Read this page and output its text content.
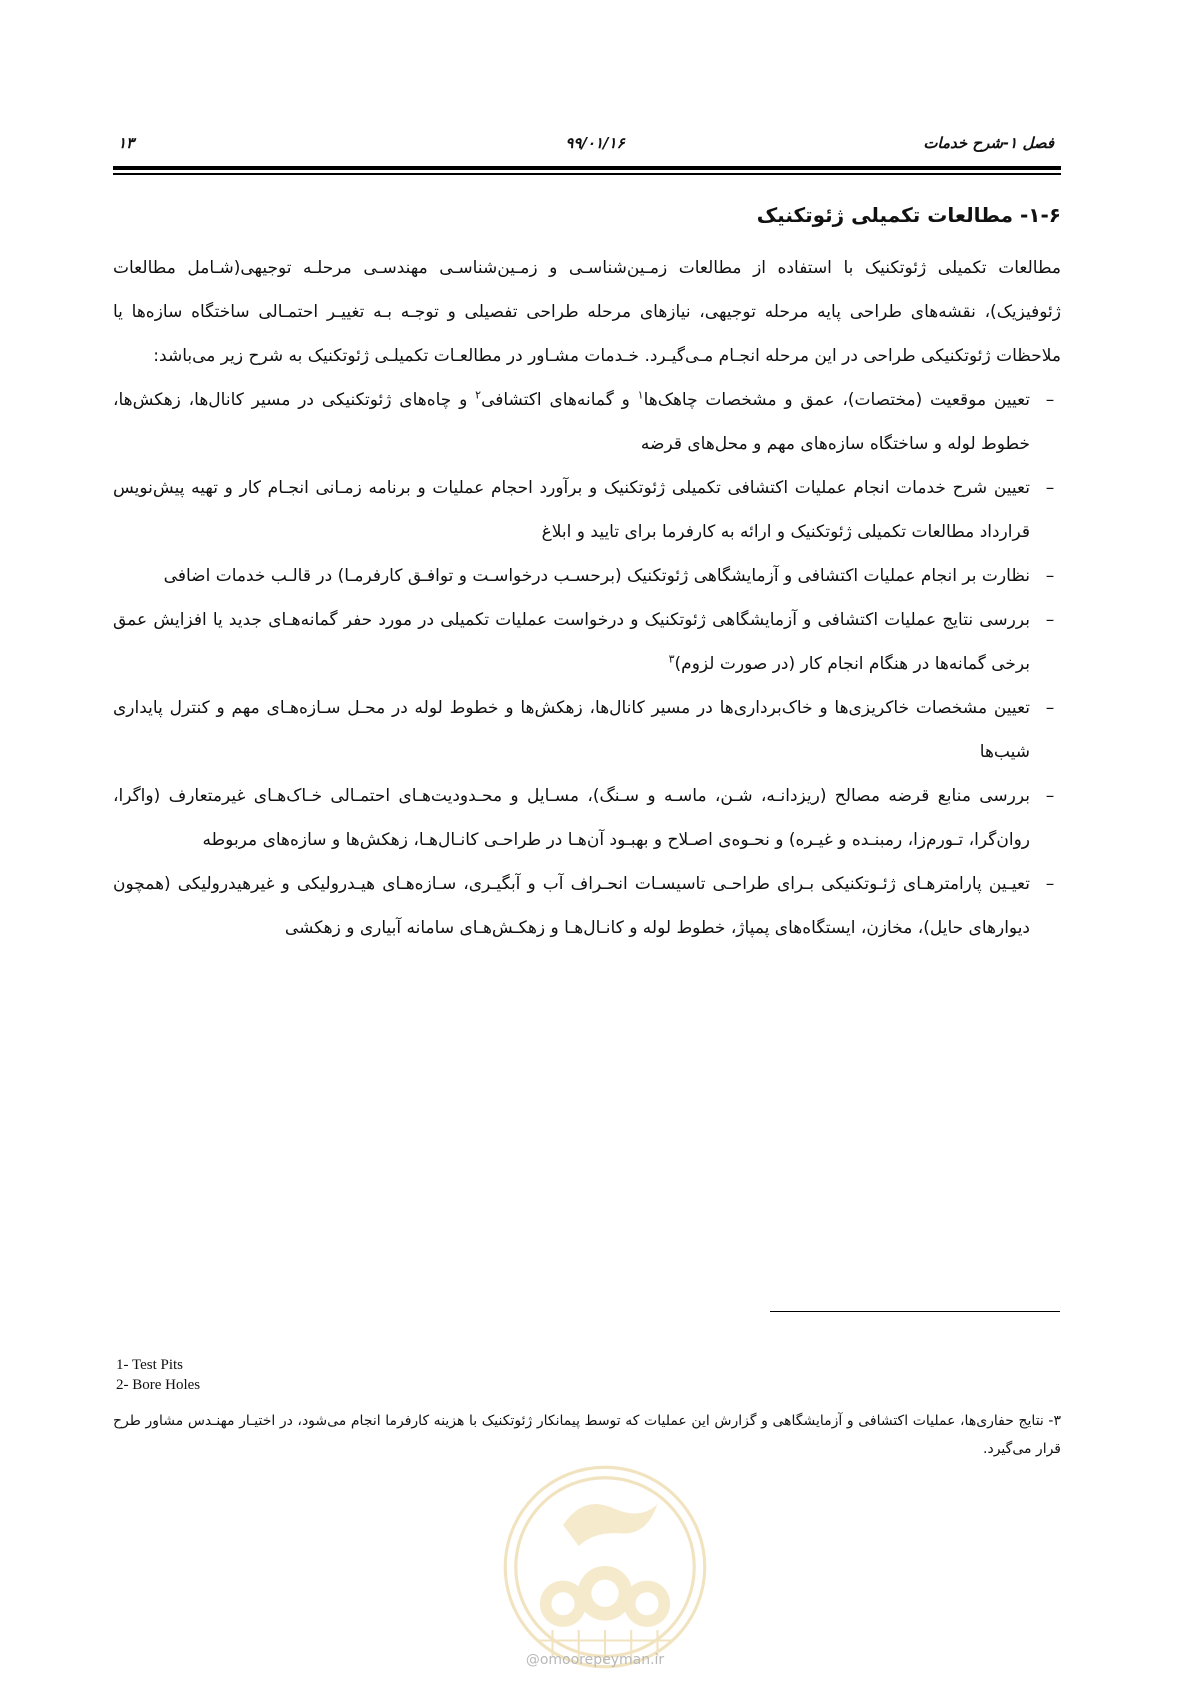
فصل ۱-شرح خدمات
۹۹/۰۱/۱۶
۱۳
۱-۶- مطالعات تکمیلی ژئوتکنیک

مطالعات تکمیلی ژئوتکنیک با استفاده از مطالعات زمـین‌شناسـی و زمـین‌شناسـی مهندسـی مرحلـه توجیهی(شـامل مطالعات ژئوفیزیک)، نقشه‌های طراحی پایه مرحله توجیهی، نیازهای مرحله طراحی تفصیلی و توجـه بـه تغییـر احتمـالی ساختگاه سازه‌ها یا ملاحظات ژئوتکنیکی طراحی در این مرحله انجـام مـی‌گیـرد. خـدمات مشـاور در مطالعـات تکمیلـی ژئوتکنیک به شرح زیر می‌باشد:

–
تعیین موقعیت (مختصات)، عمق و مشخصات چاهک‌ها$^۱$ و گمانه‌های اکتشافی$^۲$ و چاه‌های ژئوتکنیکی در مسیر کانال‌ها، زهکش‌ها، خطوط لوله و ساختگاه سازه‌های مهم و محل‌های قرضه
–
تعیین شرح خدمات انجام عملیات اکتشافی تکمیلی ژئوتکنیک و برآورد احجام عملیات و برنامه زمـانی انجـام کار و تهیه پیش‌نویس قرارداد مطالعات تکمیلی ژئوتکنیک و ارائه به کارفرما برای تایید و ابلاغ
–
نظارت بر انجام عملیات اکتشافی و آزمایشگاهی ژئوتکنیک (برحسـب درخواسـت و توافـق کارفرمـا) در قالـب خدمات اضافی
–
بررسی نتایج عملیات اکتشافی و آزمایشگاهی ژئوتکنیک و درخواست عملیات تکمیلی در مورد حفر گمانه‌هـای جدید یا افزایش عمق برخی گمانه‌ها در هنگام انجام کار (در صورت لزوم)$^۳$
–
تعیین مشخصات خاکریزی‌ها و خاک‌برداری‌ها در مسیر کانال‌ها، زهکش‌ها و خطوط لوله در محـل سـازه‌هـای مهم و کنترل پایداری شیب‌ها
–
بررسی منابع قرضه مصالح (ریزدانـه، شـن، ماسـه و سـنگ)، مسـایل و محـدودیت‌هـای احتمـالی خـاک‌هـای غیرمتعارف (واگرا، روان‌گرا، تـورم‌زا، رمبنـده و غیـره) و نحـوه‌ی اصـلاح و بهبـود آن‌هـا در طراحـی کانـال‌هـا، زهکش‌ها و سازه‌های مربوطه
–
تعیـین پارامترهـای ژئـوتکنیکی بـرای طراحـی تاسیسـات انحـراف آب و آبگیـری، سـازه‌هـای هیـدرولیکی و غیرهیدرولیکی (همچون دیوارهای حایل)، مخازن، ایستگاه‌های پمپاژ، خطوط لوله و کانـال‌هـا و زهکـش‌هـای سامانه آبیاری و زهکشی
1- Test Pits
2- Bore Holes
۳- نتایج حفاری‌ها، عملیات اکتشافی و آزمایشگاهی و گزارش این عملیات که توسط پیمانکار ژئوتکنیک با هزینه کارفرما انجام می‌شود، در اختیـار مهنـدس مشاور طرح قرار می‌گیرد.
@omoorepeyman.ir
